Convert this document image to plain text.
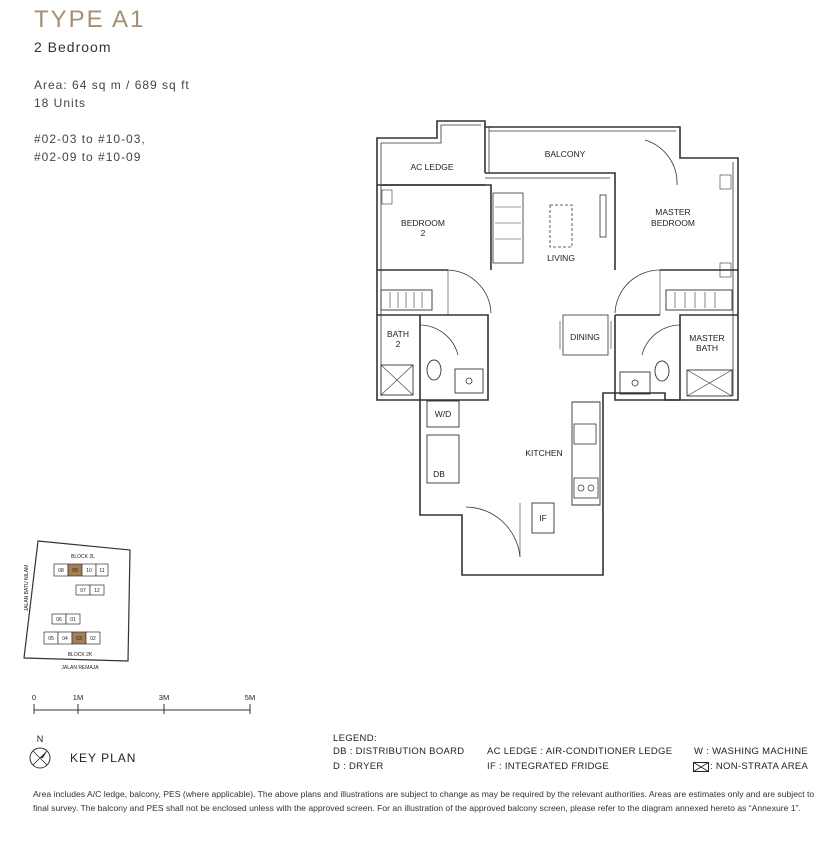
TYPE A1
2 Bedroom
Area: 64 sq m / 689 sq ft
18 Units
#02-03 to #10-03,
#02-09 to #10-09
AC LEDGE
BALCONY
BEDROOM
2
MASTER
BEDROOM
LIVING
DINING
BATH
2
MASTER
BATH
W/D
DB
KITCHEN
IF
BLOCK 2L
BLOCK 2K
JALAN REMAJA
JALAN BATU NILAM	08 09 10 11
07 12
06 01
05 04 03 02
0	1M	3M	5M
N
KEY PLAN
LEGEND:
DB : DISTRIBUTION BOARD
D : DRYER
AC LEDGE : AIR-CONDITIONER LEDGE
IF : INTEGRATED FRIDGE
W : WASHING MACHINE
: NON-STRATA AREA
Area includes A/C ledge, balcony, PES (where applicable). The above plans and illustrations are subject to change as may be required by the relevant authorities. Areas are estimates only and are subject to final survey. The balcony and PES shall not be enclosed unless with the approved screen. For an illustration of the approved balcony screen, please refer to the diagram annexed hereto as “Annexure 1”.
